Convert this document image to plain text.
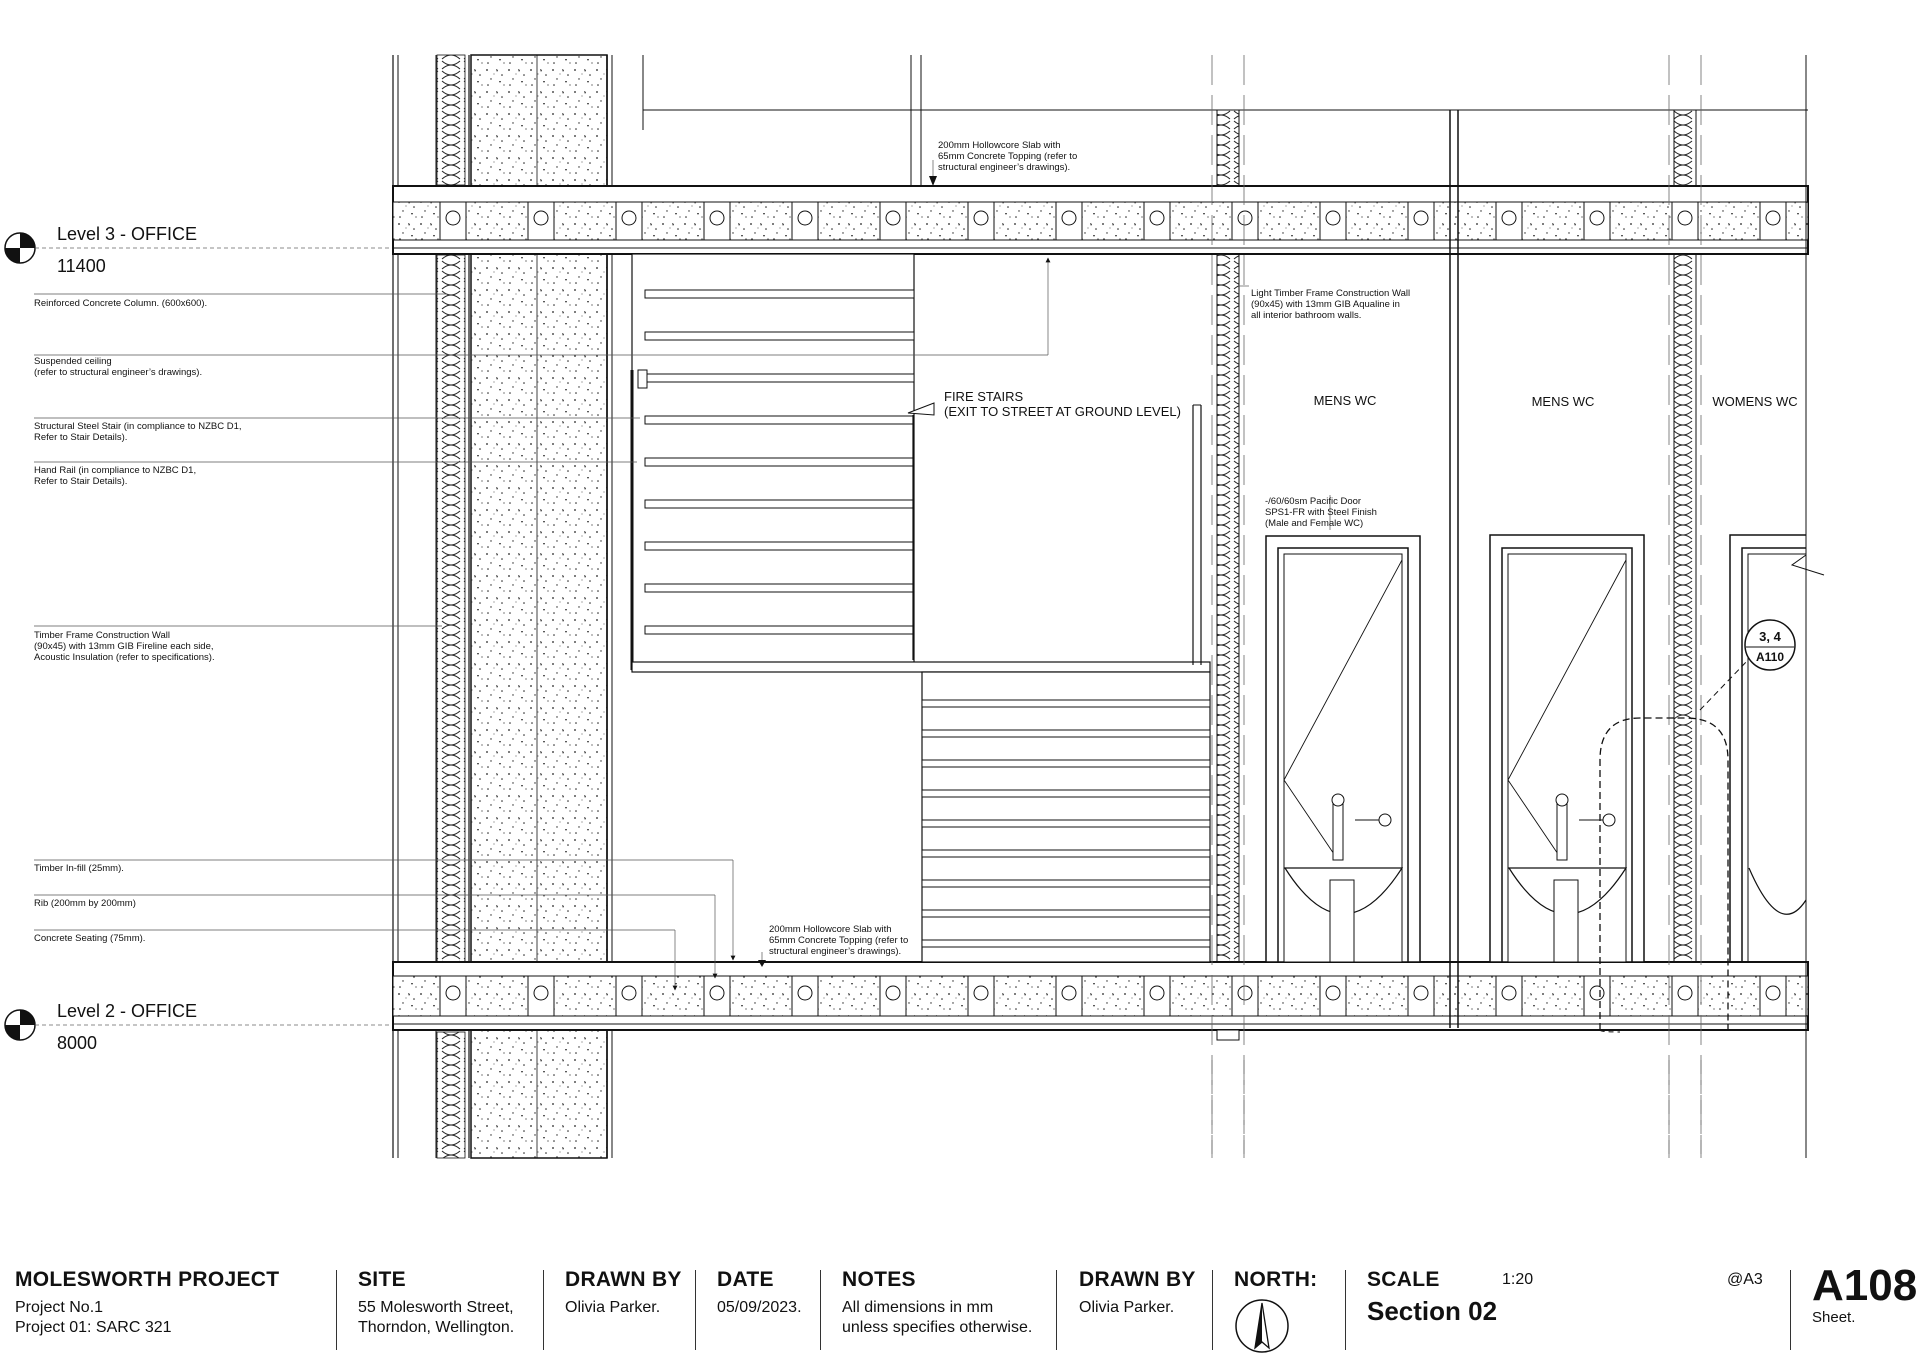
Level 3 - OFFICE
11400
Level 2 - OFFICE
8000
3, 4
A110
FIRE STAIRS
(EXIT TO STREET AT GROUND LEVEL)
MENS WC	MENS WC	WOMENS WC
Reinforced Concrete Column. (600x600).
Suspended ceiling
(refer to structural engineer’s drawings).
Structural Steel Stair (in compliance to NZBC D1,
Refer to Stair Details).
Hand Rail (in compliance to NZBC D1,
Refer to Stair Details).
Timber Frame Construction Wall
(90x45) with 13mm GIB Fireline each side,
Acoustic Insulation (refer to specifications).
Timber In-fill (25mm).
Rib (200mm by 200mm)
Concrete Seating (75mm).
200mm Hollowcore Slab with
65mm Concrete Topping (refer to
structural engineer’s drawings).
200mm Hollowcore Slab with
65mm Concrete Topping (refer to
structural engineer’s drawings).
Light Timber Frame Construction Wall
(90x45) with 13mm GIB Aqualine in
all interior bathroom walls.
-/60/60sm Pacific Door
SPS1-FR with Steel Finish
(Male and Female WC)
MOLESWORTH PROJECT
Project No.1
Project 01: SARC 321
SITE
55 Molesworth Street,
Thorndon, Wellington.
DRAWN BY
Olivia Parker.
DATE
05/09/2023.
NOTES
All dimensions in mm
unless specifies otherwise.
DRAWN BY
Olivia Parker.
NORTH: SCALE	1:20	@A3
Section 02
A108
Sheet.
